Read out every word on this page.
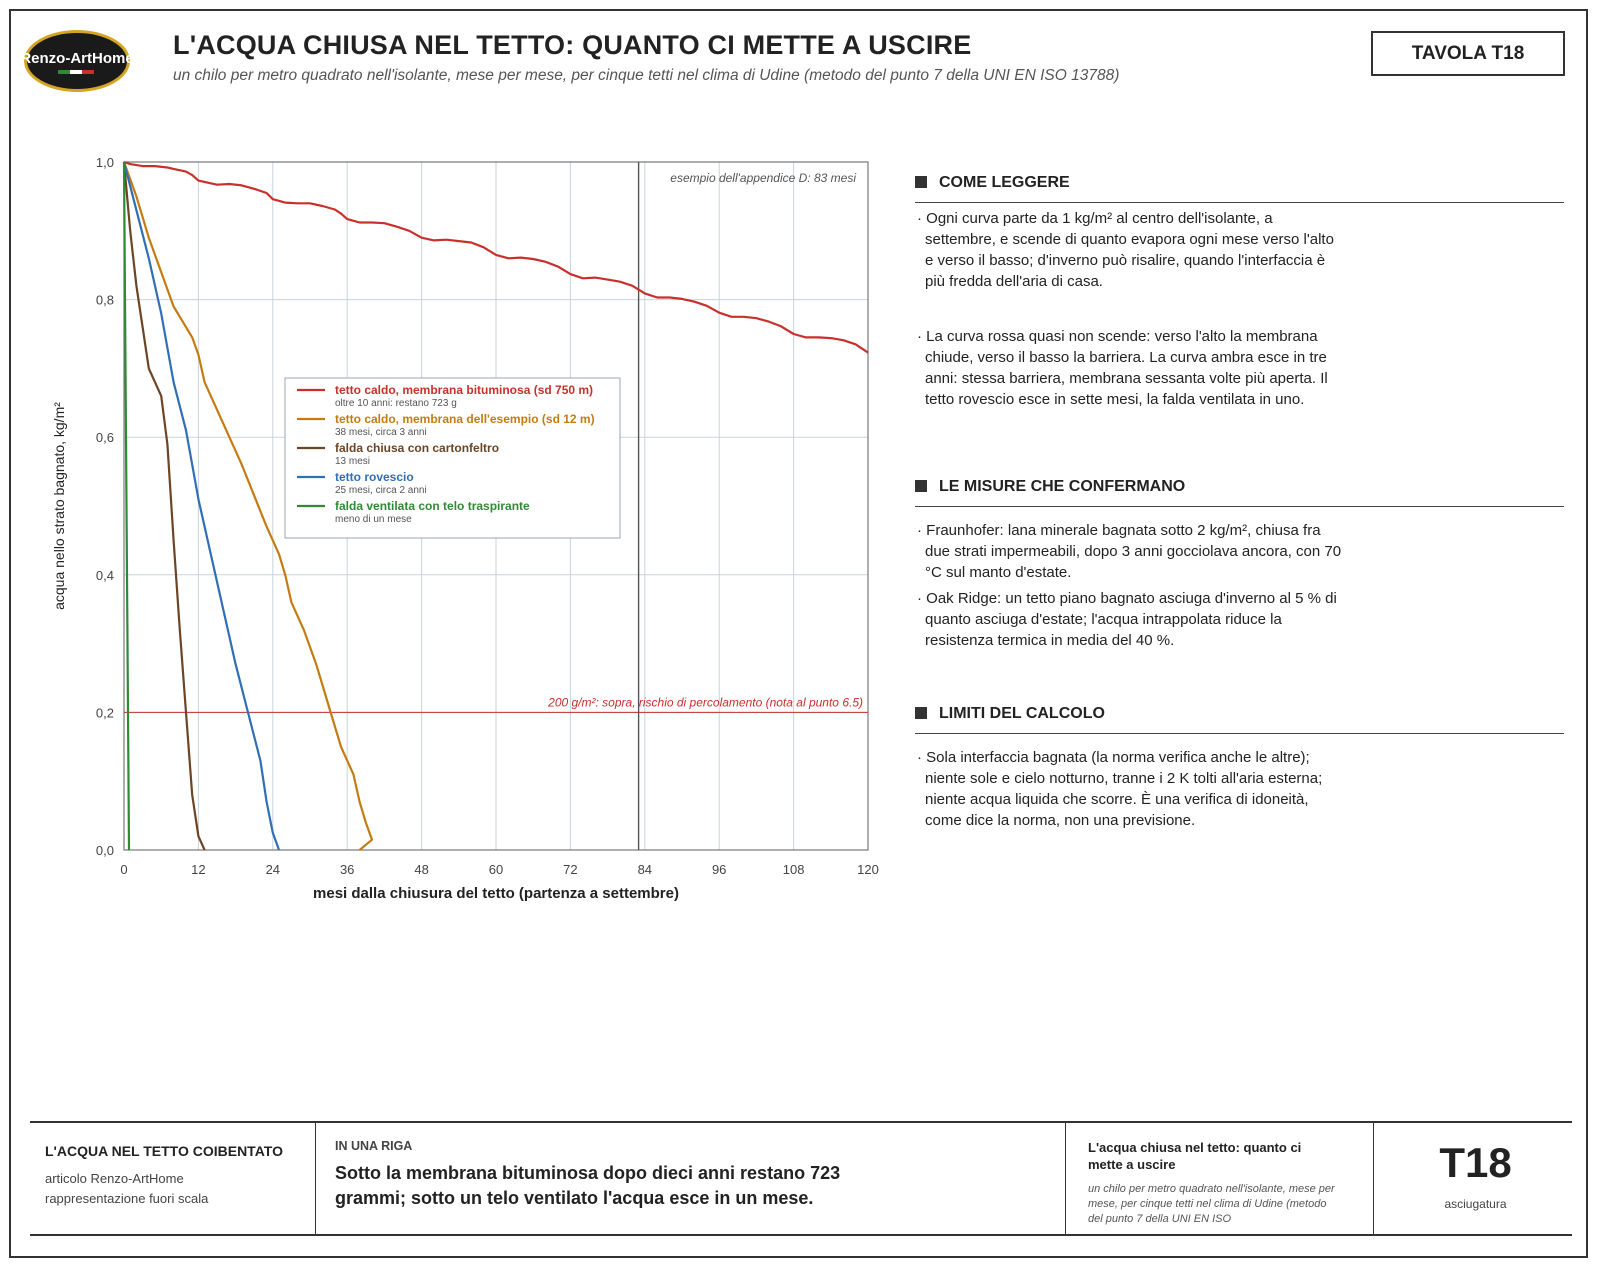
Renzo-ArtHome L'ACQUA CHIUSA NEL TETTO: QUANTO CI METTE A USCIRE
un chilo per metro quadrato nell'isolante, mese per mese, per cinque tetti nel clima di Udine (metodo del punto 7 della UNI EN ISO 13788)
TAVOLA T18
0	12	24	36	48	60	72	84	96	108	120
0,0
0,2
0,4
0,6
0,8
1,0
200 g/m²: sopra, rischio di percolamento (nota al punto 6.5)
esempio dell'appendice D: 83 mesi
tetto caldo, membrana bituminosa (sd 750 m)
oltre 10 anni: restano 723 g
tetto caldo, membrana dell'esempio (sd 12 m)
38 mesi, circa 3 anni
falda chiusa con cartonfeltro
13 mesi
tetto rovescio
25 mesi, circa 2 anni
falda ventilata con telo traspirante
meno di un mese
mesi dalla chiusura del tetto (partenza a settembre)
acqua nello strato bagnato, kg/m²
COME LEGGERE
· Ogni curva parte da 1 kg/m² al centro dell'isolante, a settembre, e scende di quanto evapora ogni mese verso l'alto e verso il basso; d'inverno può risalire, quando l'interfaccia è più fredda dell'aria di casa.
· La curva rossa quasi non scende: verso l'alto la membrana chiude, verso il basso la barriera. La curva ambra esce in tre anni: stessa barriera, membrana sessanta volte più aperta. Il tetto rovescio esce in sette mesi, la falda ventilata in uno.
LE MISURE CHE CONFERMANO
· Fraunhofer: lana minerale bagnata sotto 2 kg/m², chiusa fra due strati impermeabili, dopo 3 anni gocciolava ancora, con 70 °C sul manto d'estate.
· Oak Ridge: un tetto piano bagnato asciuga d'inverno al 5 % di quanto asciuga d'estate; l'acqua intrappolata riduce la resistenza termica in media del 40 %.
LIMITI DEL CALCOLO
· Sola interfaccia bagnata (la norma verifica anche le altre); niente sole e cielo notturno, tranne i 2 K tolti all'aria esterna; niente acqua liquida che scorre. È una verifica di idoneità, come dice la norma, non una previsione.
L'ACQUA NEL TETTO COIBENTATO
articolo Renzo-ArtHome
rappresentazione fuori scala
IN UNA RIGA
Sotto la membrana bituminosa dopo dieci anni restano 723 grammi; sotto un telo ventilato l'acqua esce in un mese.
L'acqua chiusa nel tetto: quanto ci mette a uscire
un chilo per metro quadrato nell'isolante, mese per mese, per cinque tetti nel clima di Udine (metodo del punto 7 della UNI EN ISO
T18
asciugatura
